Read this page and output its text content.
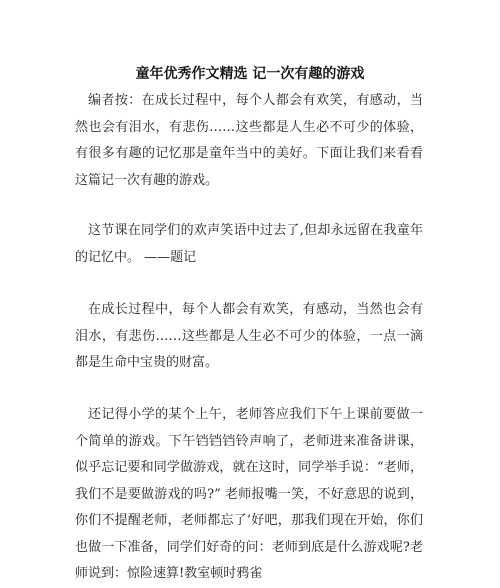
童年优秀作文精选 记一次有趣的游戏

编者按：在成长过程中，每个人都会有欢笑，有感动，当然也会有泪水，有悲伤……这些都是人生必不可少的体验，有很多有趣的记忆那是童年当中的美好。下面让我们来看看这篇记一次有趣的游戏。

这节课在同学们的欢声笑语中过去了,但却永远留在我童年的记忆中。 ——题记

在成长过程中，每个人都会有欢笑，有感动，当然也会有泪水，有悲伤……这些都是人生必不可少的体验，一点一滴都是生命中宝贵的财富。

还记得小学的某个上午，老师答应我们下午上课前要做一个简单的游戏。下午铛铛铛铃声响了，老师进来准备讲课，似乎忘记要和同学做游戏，就在这时，同学举手说：“老师，我们不是要做游戏的吗?” 老师报嘴一笑，不好意思的说到，你们不提醒老师，老师都忘了’好吧，那我们现在开始，你们也做一下准备，同学们好奇的问：老师到底是什么游戏呢?老师说到：惊险速算!教室顿时鸦雀
